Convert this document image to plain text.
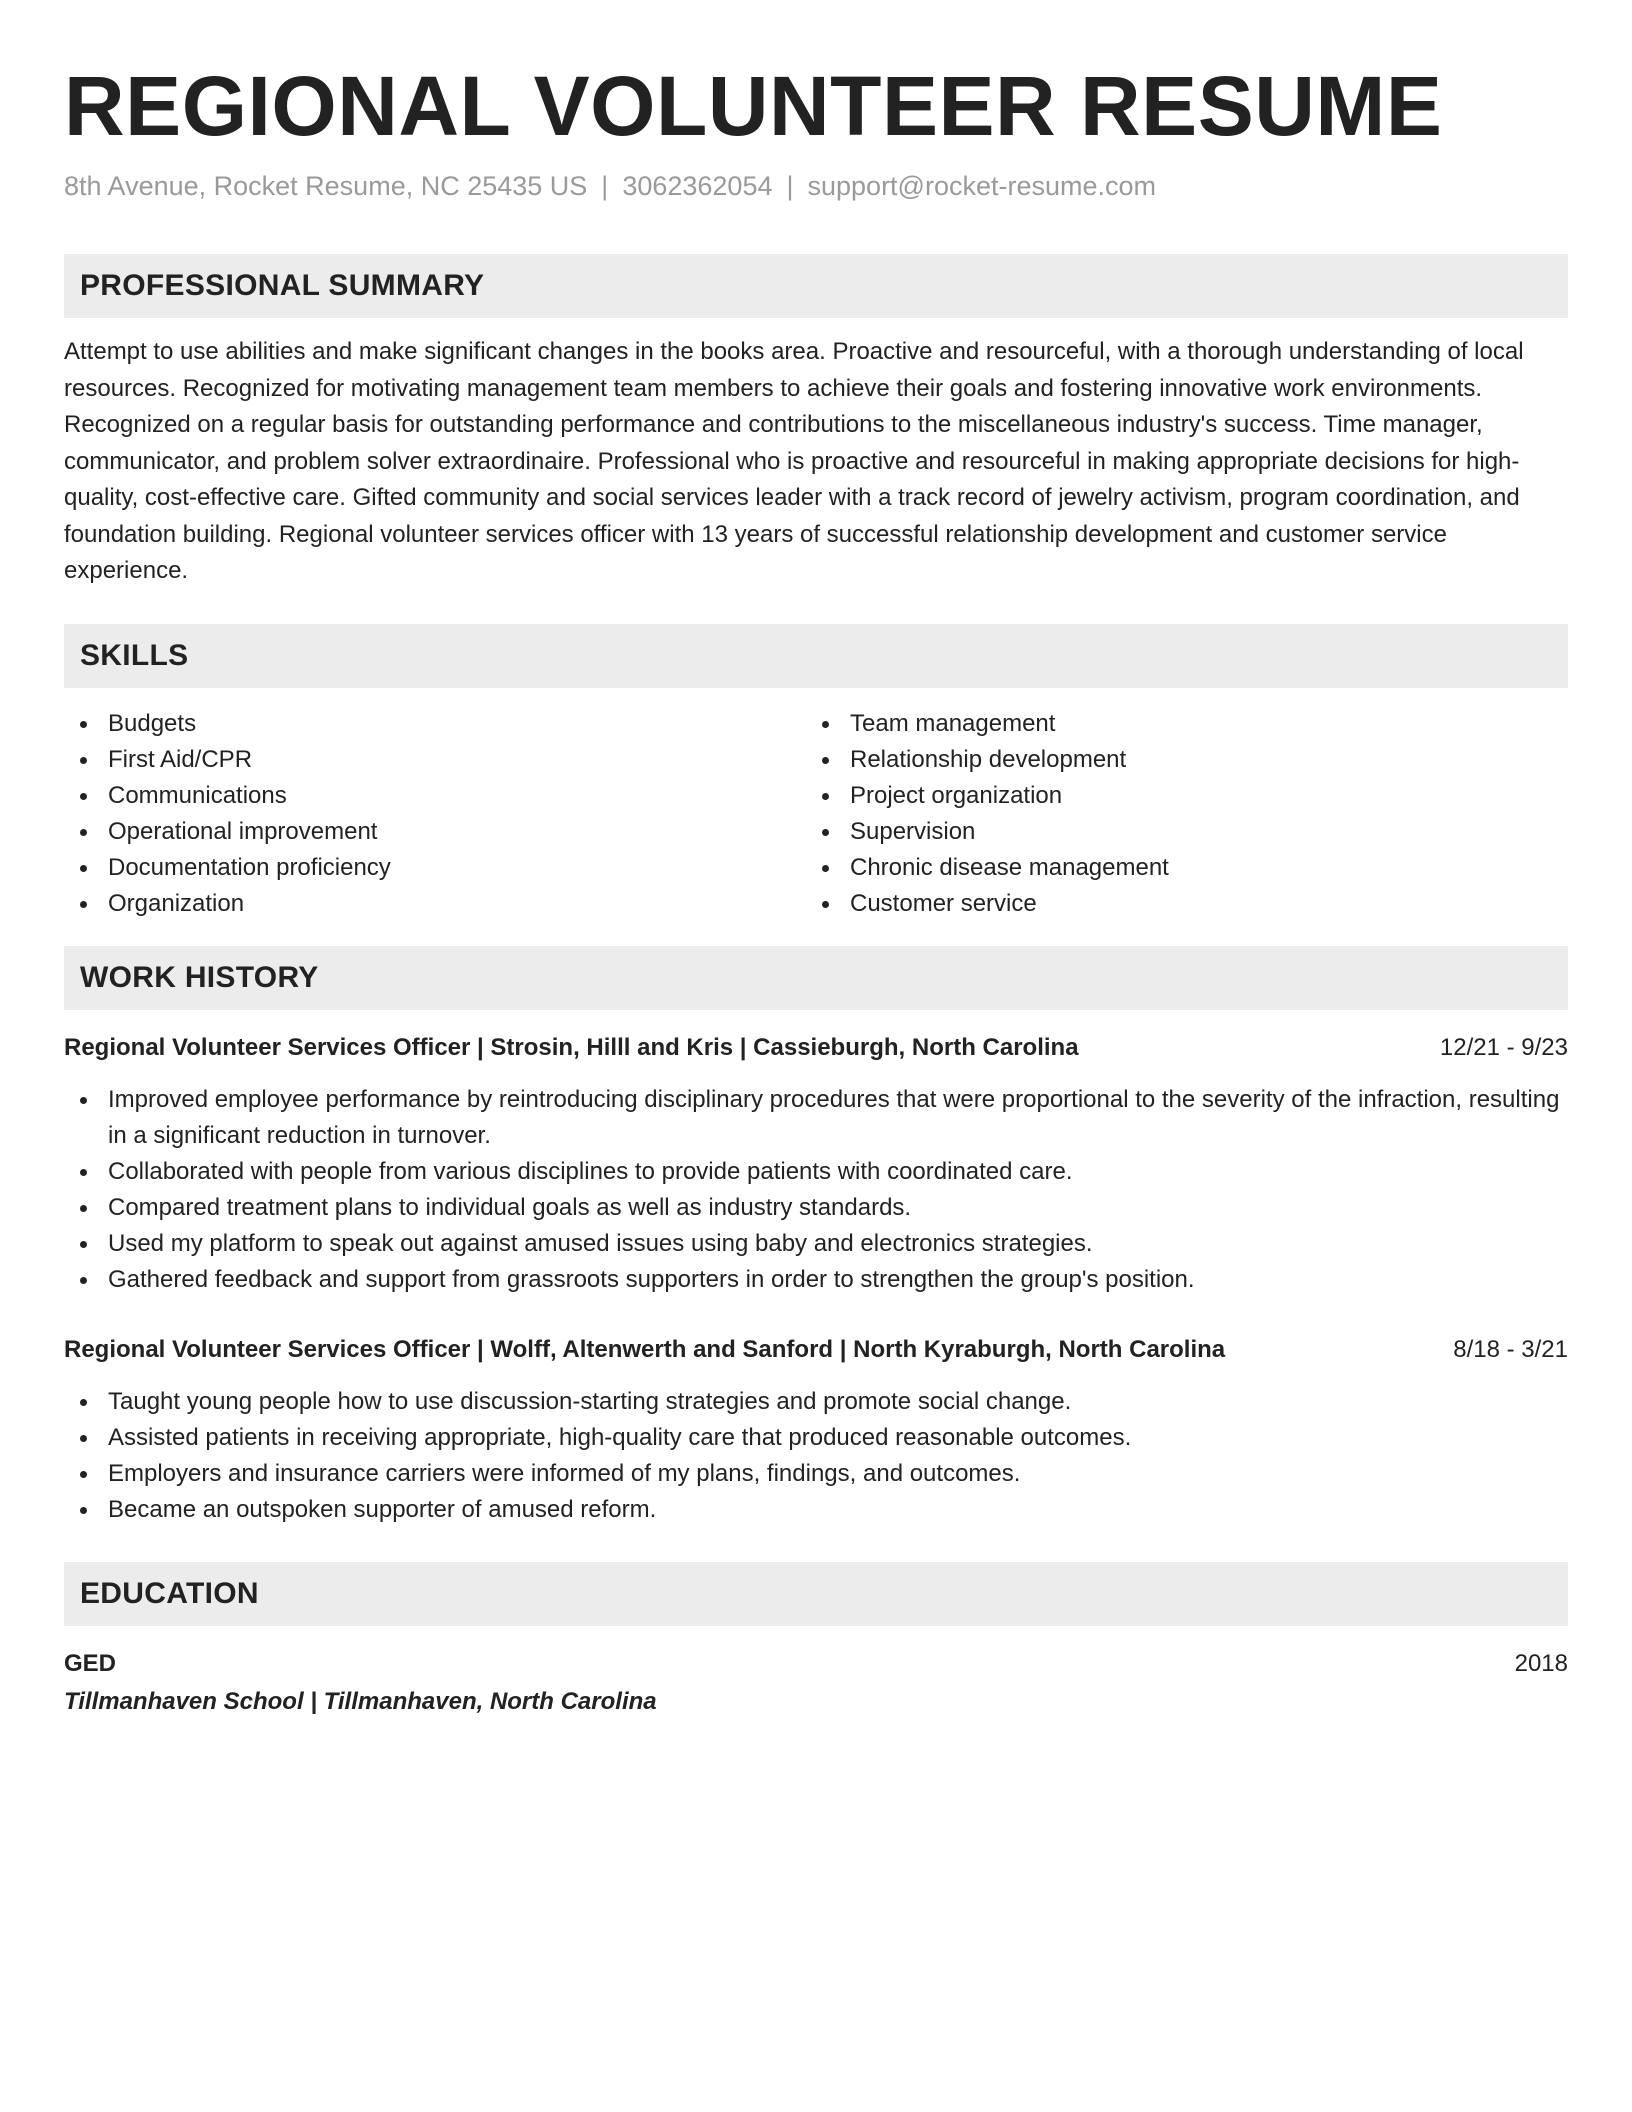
REGIONAL VOLUNTEER RESUME
8th Avenue, Rocket Resume, NC 25435 US | 3062362054 | support@rocket-resume.com
PROFESSIONAL SUMMARY

Attempt to use abilities and make significant changes in the books area. Proactive and resourceful, with a thorough understanding of local resources. Recognized for motivating management team members to achieve their goals and fostering innovative work environments. Recognized on a regular basis for outstanding performance and contributions to the miscellaneous industry's success. Time manager, communicator, and problem solver extraordinaire. Professional who is proactive and resourceful in making appropriate decisions for high-quality, cost-effective care. Gifted community and social services leader with a track record of jewelry activism, program coordination, and foundation building. Regional volunteer services officer with 13 years of successful relationship development and customer service experience.

SKILLS
Budgets
First Aid/CPR
Communications
Operational improvement
Documentation proficiency
Organization
Team management
Relationship development
Project organization
Supervision
Chronic disease management
Customer service
WORK HISTORY
Regional Volunteer Services Officer | Strosin, Hilll and Kris | Cassieburgh, North Carolina	12/21 - 9/23
Improved employee performance by reintroducing disciplinary procedures that were proportional to the severity of the infraction, resulting in a significant reduction in turnover.
Collaborated with people from various disciplines to provide patients with coordinated care.
Compared treatment plans to individual goals as well as industry standards.
Used my platform to speak out against amused issues using baby and electronics strategies.
Gathered feedback and support from grassroots supporters in order to strengthen the group's position.
Regional Volunteer Services Officer | Wolff, Altenwerth and Sanford | North Kyraburgh, North Carolina	8/18 - 3/21
Taught young people how to use discussion-starting strategies and promote social change.
Assisted patients in receiving appropriate, high-quality care that produced reasonable outcomes.
Employers and insurance carriers were informed of my plans, findings, and outcomes.
Became an outspoken supporter of amused reform.
EDUCATION
GED	2018
Tillmanhaven School | Tillmanhaven, North Carolina
